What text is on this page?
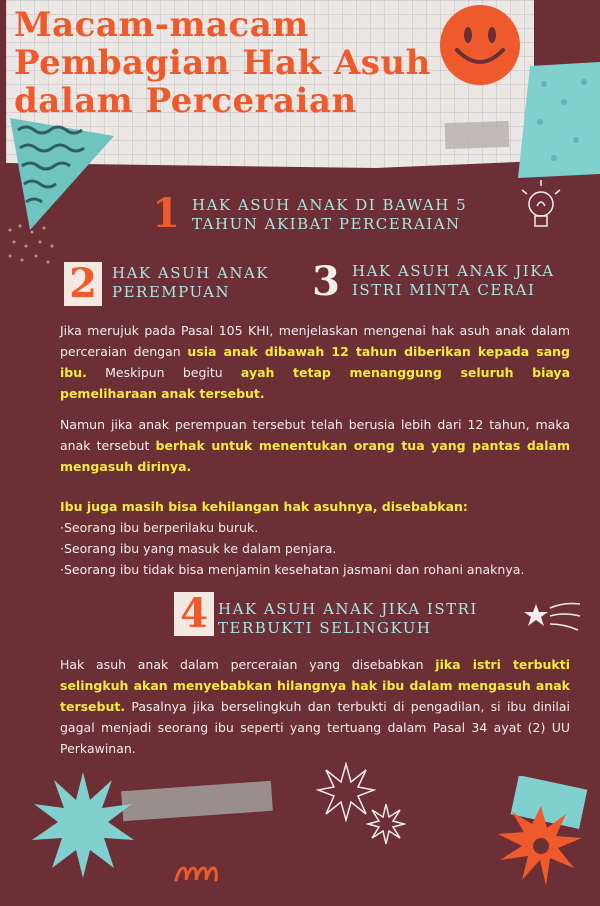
Macam-macam
Pembagian Hak Asuh
dalam Perceraian
1 HAK ASUH ANAK DI BAWAH 5
TAHUN AKIBAT PERCERAIAN
2	HAK ASUH ANAK
PEREMPUAN	3 HAK ASUH ANAK JIKA
ISTRI MINTA CERAI

Jika merujuk pada Pasal 105 KHI, menjelaskan mengenai hak asuh anak dalam perceraian dengan usia anak dibawah 12 tahun diberikan kepada sang ibu. Meskipun begitu ayah tetap menanggung seluruh biaya pemeliharaan anak tersebut.

Namun jika anak perempuan tersebut telah berusia lebih dari 12 tahun, maka anak tersebut berhak untuk menentukan orang tua yang pantas dalam mengasuh dirinya.

Ibu juga masih bisa kehilangan hak asuhnya, disebabkan:
·Seorang ibu berperilaku buruk.
·Seorang ibu yang masuk ke dalam penjara.
·Seorang ibu tidak bisa menjamin kesehatan jasmani dan rohani anaknya.
4 HAK ASUH ANAK JIKA ISTRI
TERBUKTI SELINGKUH

Hak asuh anak dalam perceraian yang disebabkan jika istri terbukti selingkuh akan menyebabkan hilangnya hak ibu dalam mengasuh anak tersebut. Pasalnya jika berselingkuh dan terbukti di pengadilan, si ibu dinilai gagal menjadi seorang ibu seperti yang tertuang dalam Pasal 34 ayat (2) UU Perkawinan.
